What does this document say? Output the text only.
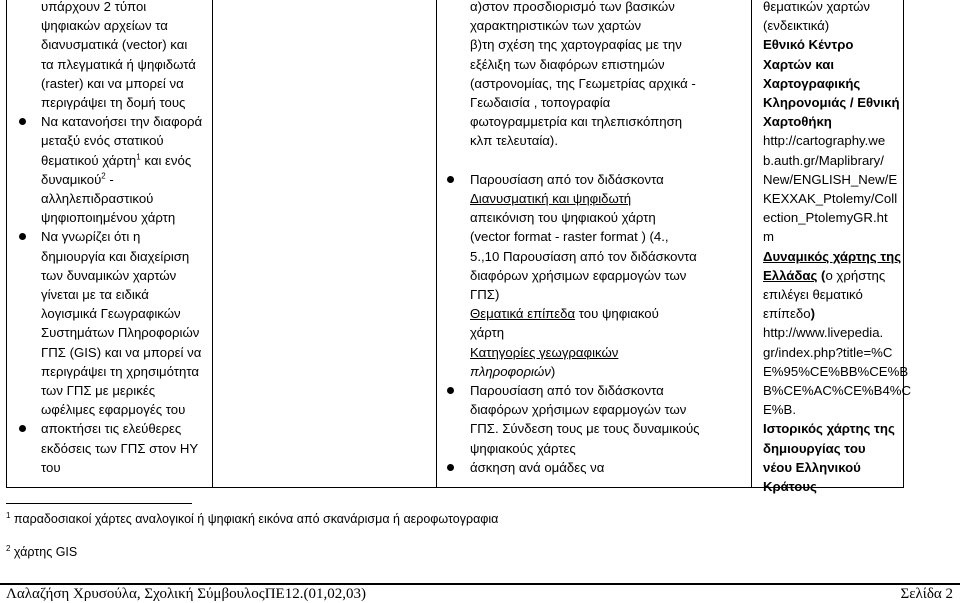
υπάρχουν 2 τύποι

ψηφιακών αρχείων τα

διανυσματικά (vector) και

τα πλεγματικά ή ψηφιδωτά

(raster) και να μπορεί να

περιγράψει τη δομή τους

Να κατανοήσει την διαφορά

μεταξύ ενός στατικού

θεματικού χάρτη$^1$ και ενός

δυναμικού$^2$ -

αλληλεπιδραστικού

ψηφιοποιημένου χάρτη

Να γνωρίζει ότι η

δημιουργία και διαχείριση

των δυναμικών χαρτών

γίνεται με τα ειδικά

λογισμικά Γεωγραφικών

Συστημάτων Πληροφοριών

ΓΠΣ (GIS) και να μπορεί να

περιγράψει τη χρησιμότητα

των ΓΠΣ με μερικές

ωφέλιμες εφαρμογές του

αποκτήσει τις ελεύθερες

εκδόσεις των ΓΠΣ στον ΗΥ

του

α)στον προσδιορισμό των βασικών

χαρακτηριστικών των χαρτών

β)τη σχέση της χαρτογραφίας με την

εξέλιξη των διαφόρων επιστημών

(αστρονομίας, της Γεωμετρίας αρχικά -

Γεωδαισία , τοπογραφία

φωτογραμμετρία και τηλεπισκόπηση

κλπ τελευταία).

Παρουσίαση από τον διδάσκοντα

Διανυσματική και ψηφιδωτή

απεικόνιση του ψηφιακού χάρτη

(vector format - raster format ) (4.,

5.,10 Παρουσίαση από τον διδάσκοντα

διαφόρων χρήσιμων εφαρμογών των

ΓΠΣ)

Θεματικά επίπεδα του ψηφιακού

χάρτη

Κατηγορίες γεωγραφικών

πληροφοριών)

Παρουσίαση από τον διδάσκοντα

διαφόρων χρήσιμων εφαρμογών των

ΓΠΣ. Σύνδεση τους με τους δυναμικούς

ψηφιακούς χάρτες

άσκηση ανά ομάδες να

θεματικών χαρτών

(ενδεικτικά)

Εθνικό Κέντρο

Χαρτών και

Χαρτογραφικής

Κληρονομιάς / Εθνική

Χαρτοθήκη

http://cartography.we

b.auth.gr/Maplibrary/

New/ENGLISH_New/E

KEXXAK_Ptolemy/Coll

ection_PtolemyGR.ht

m

Δυναμικός χάρτης της

Ελλάδας (ο χρήστης

επιλέγει θεματικό

επίπεδο)

http://www.livepedia.

gr/index.php?title=%C

E%95%CE%BB%CE%B

B%CE%AC%CE%B4%C

E%B.

Ιστορικός χάρτης της

δημιουργίας του

νέου Ελληνικού

Κράτους

$^1$ παραδοσιακοί χάρτες αναλογικοί ή ψηφιακή εικόνα από σκανάρισμα ή αεροφωτογραφια
$^2$ χάρτης GIS
Λαλαζήση Χρυσούλα, Σχολική ΣύμβουλοςΠΕ12.(01,02,03)	Σελίδα 2
